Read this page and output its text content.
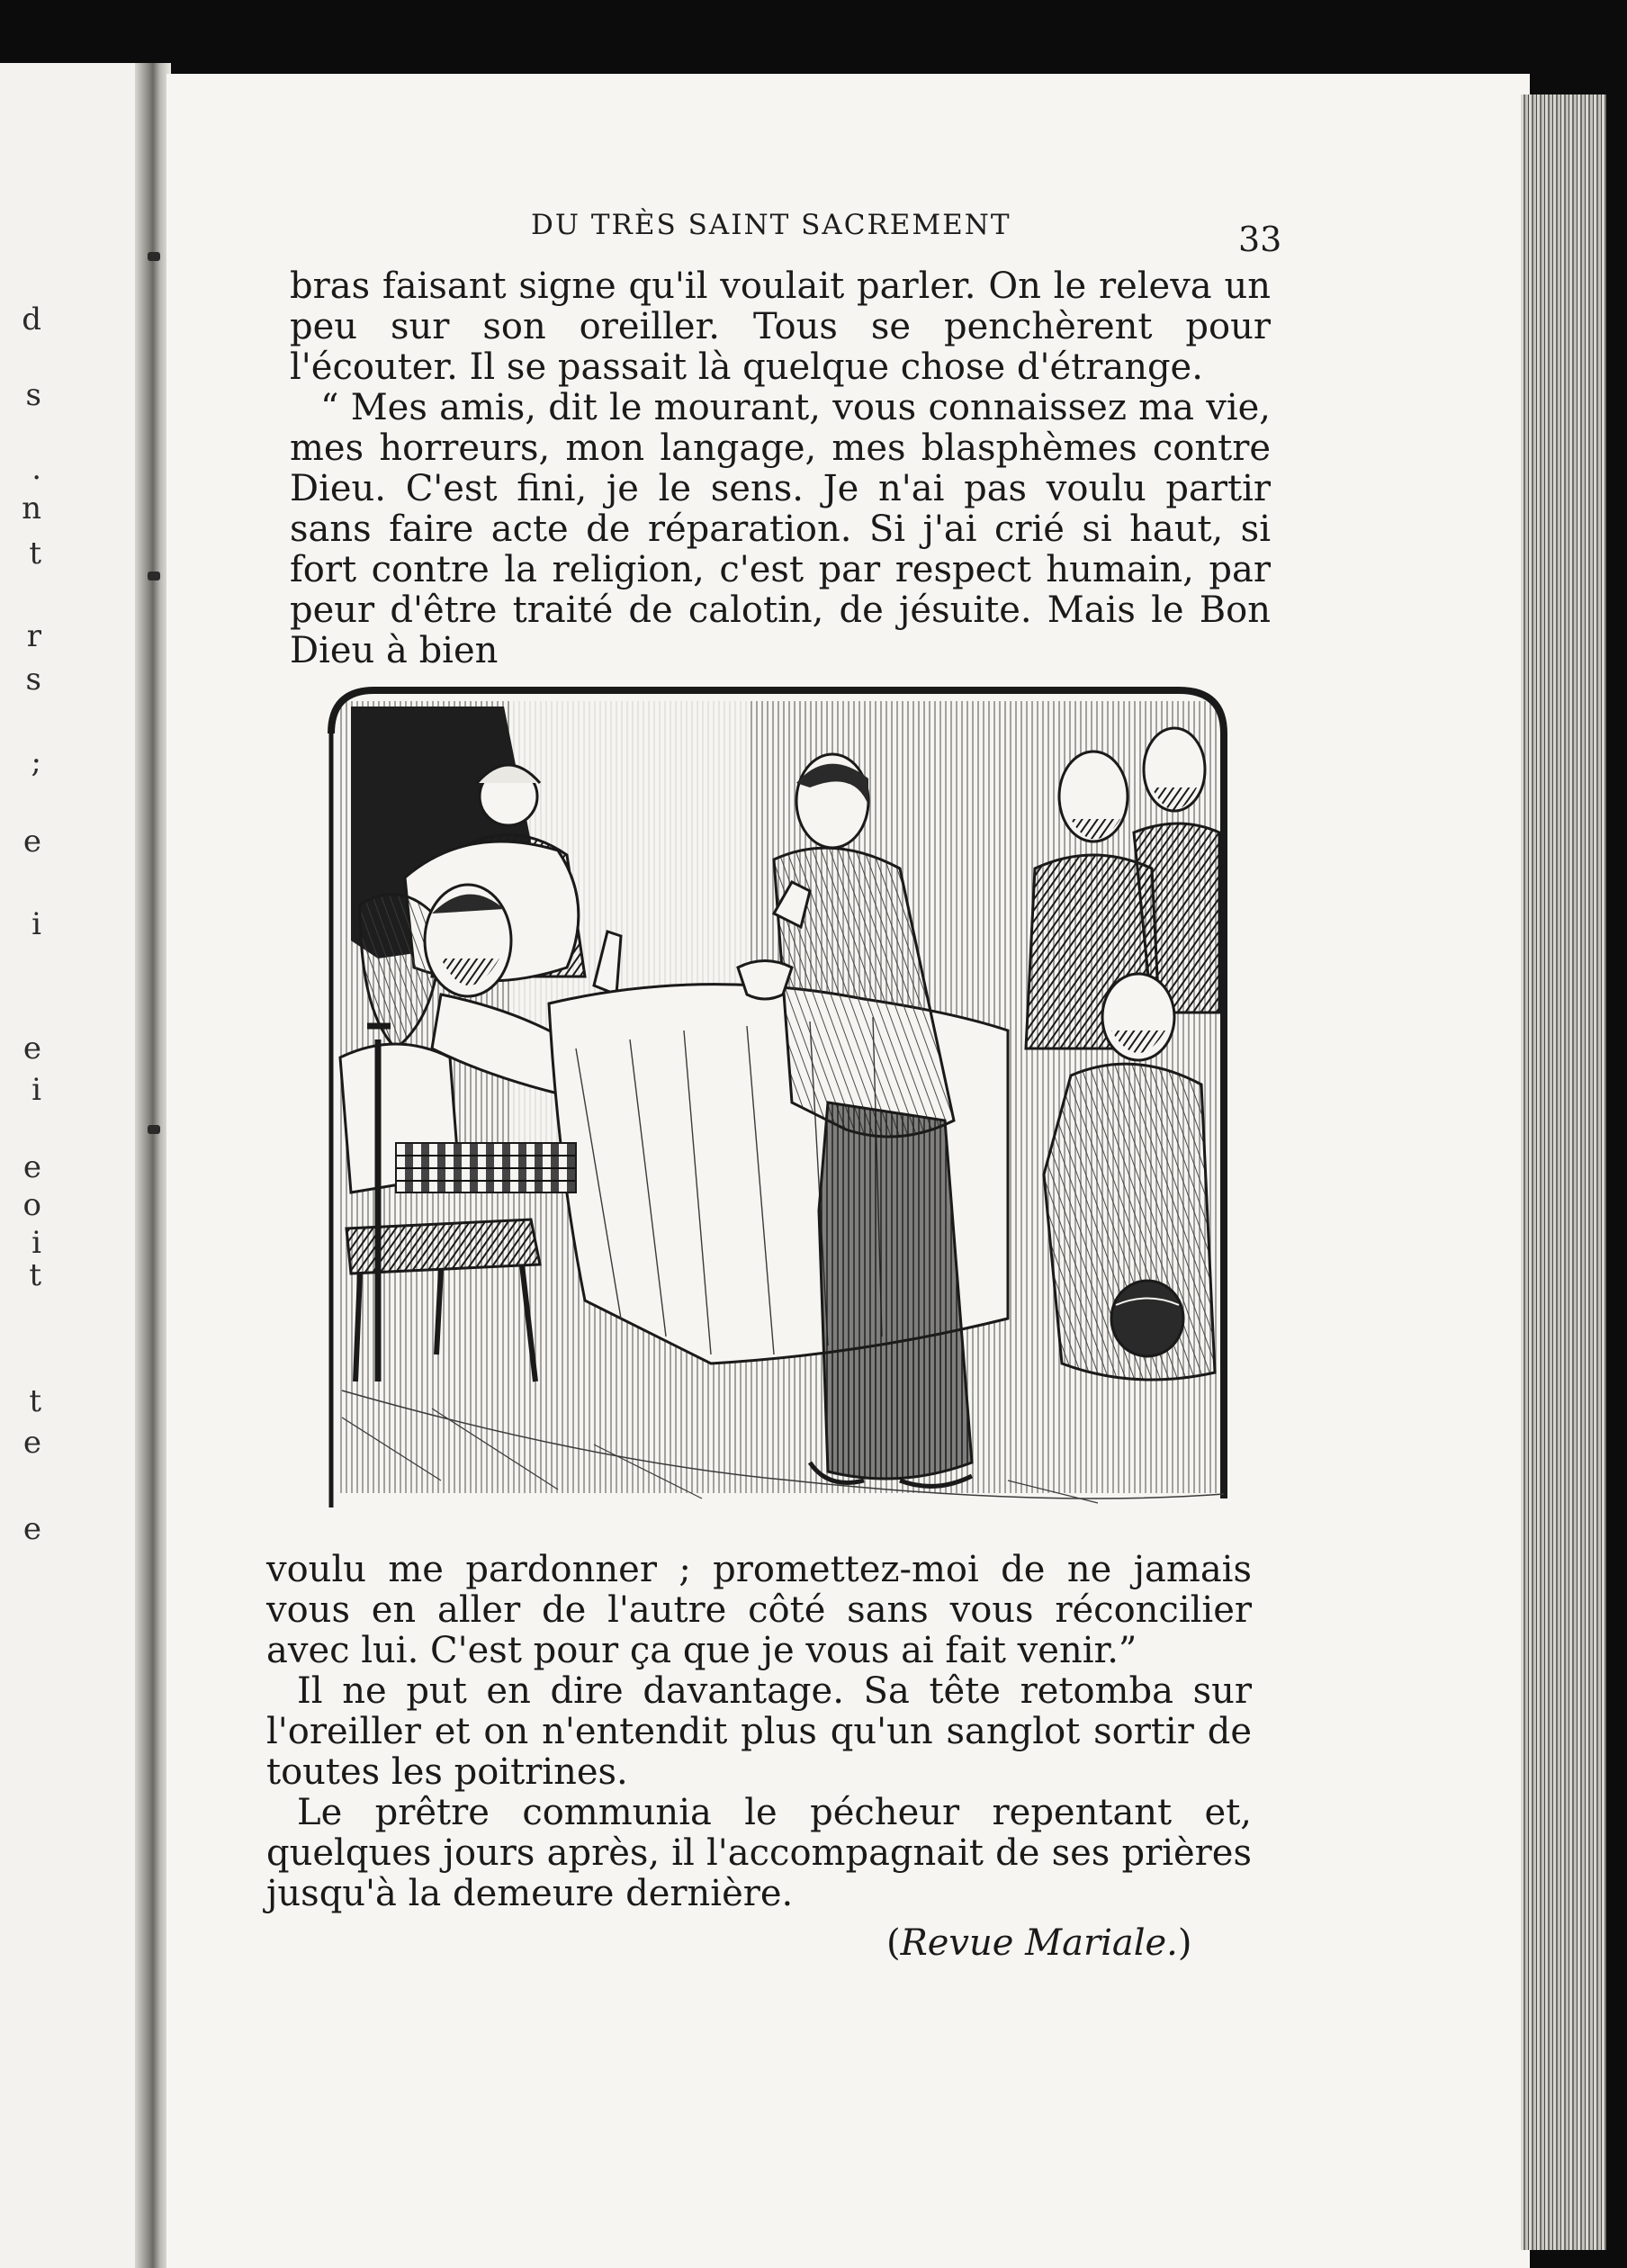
d
s
.
n
t
r
s
;
e
i
e
i
e
o
i
t
t
e
e
DU TRÈS SAINT SACREMENT	33

bras faisant signe qu'il voulait parler. On le releva un peu sur son oreiller. Tous se penchèrent pour l'écouter. Il se passait là quelque chose d'étrange.

“ Mes amis, dit le mourant, vous connaissez ma vie, mes horreurs, mon langage, mes blasphèmes contre Dieu. C'est fini, je le sens. Je n'ai pas voulu partir sans faire acte de réparation. Si j'ai crié si haut, si fort contre la religion, c'est par respect humain, par peur d'être traité de calotin, de jésuite. Mais le Bon Dieu à bien

voulu me pardonner ; promettez-moi de ne jamais vous en aller de l'autre côté sans vous réconcilier avec lui. C'est pour ça que je vous ai fait venir.”

Il ne put en dire davantage. Sa tête retomba sur l'oreiller et on n'entendit plus qu'un sanglot sortir de toutes les poitrines.

Le prêtre communia le pécheur repentant et, quelques jours après, il l'accompagnait de ses prières jusqu'à la demeure dernière.

(Revue Mariale.)
